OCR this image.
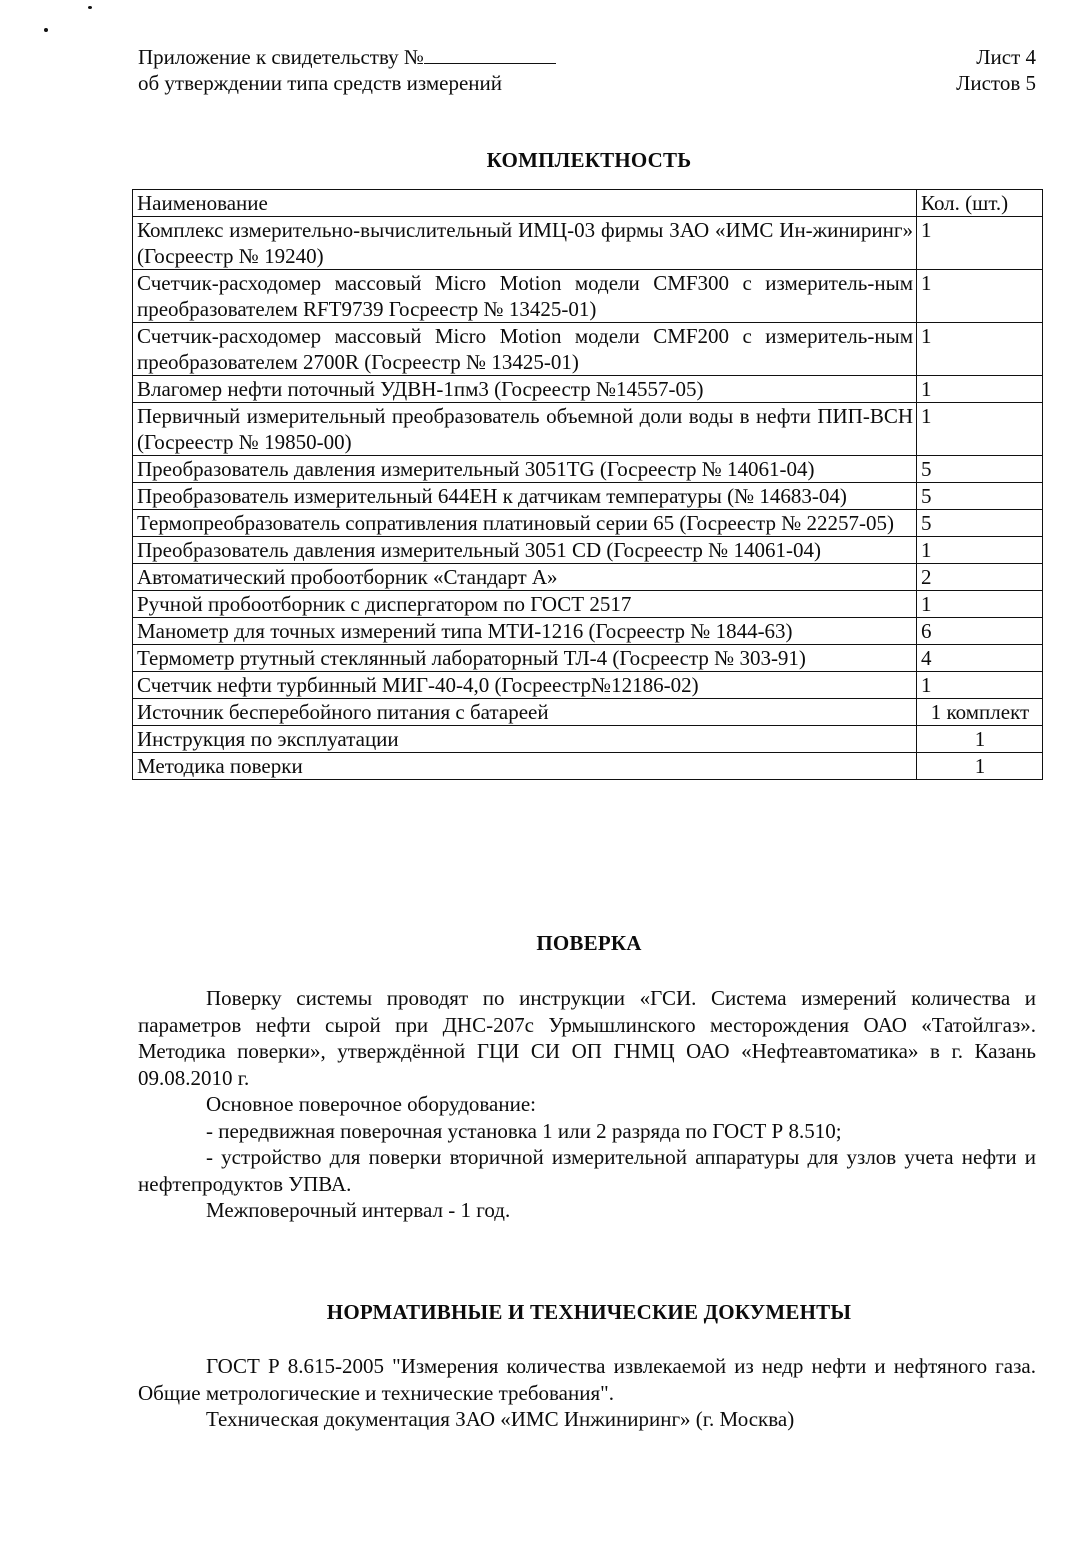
Приложение к свидетельству №
об утверждении типа средств измерений
Лист 4
Листов 5
КОМПЛЕКТНОСТЬ
Наименование	Кол. (шт.)
Комплекс измерительно-вычислительный ИМЦ-03 фирмы ЗАО «ИМС Ин-жиниринг» (Госреестр № 19240)	1
Счетчик-расходомер массовый Micro Motion модели CMF300 с измеритель-ным преобразователем RFT9739 Госреестр № 13425-01)	1
Счетчик-расходомер массовый Micro Motion модели CMF200 с измеритель-ным преобразователем 2700R (Госреестр № 13425-01)	1
Влагомер нефти поточный УДВН-1пм3 (Госреестр №14557-05)	1
Первичный измерительный преобразователь объемной доли воды в нефти ПИП-ВСН (Госреестр № 19850-00)	1
Преобразователь давления измерительный 3051TG (Госреестр № 14061-04)	5
Преобразователь измерительный 644ЕН к датчикам температуры (№ 14683-04)	5
Термопреобразователь сопративления платиновый серии 65 (Госреестр № 22257-05)	5
Преобразователь давления измерительный 3051 CD (Госреестр № 14061-04)	1
Автоматический пробоотборник «Стандарт А»	2
Ручной пробоотборник с диспергатором по ГОСТ 2517	1
Манометр для точных измерений типа МТИ-1216 (Госреестр № 1844-63)	6
Термометр ртутный стеклянный лабораторный ТЛ-4 (Госреестр № 303-91)	4
Счетчик нефти турбинный МИГ-40-4,0 (Госреестр№12186-02)	1
Источник бесперебойного питания с батареей	1 комплект
Инструкция по эксплуатации	1
Методика поверки	1
ПОВЕРКА

Поверку системы проводят по инструкции «ГСИ. Система измерений количества и параметров нефти сырой при ДНС-207с Урмышлинского месторождения ОАО «Татойлгаз». Методика поверки», утверждённой ГЦИ СИ ОП ГНМЦ ОАО «Нефтеавтоматика» в г. Казань 09.08.2010 г.

Основное поверочное оборудование:

- передвижная поверочная установка 1 или 2 разряда по ГОСТ Р 8.510;

- устройство для поверки вторичной измерительной аппаратуры для узлов учета нефти и нефтепродуктов УПВА.

Межповерочный интервал - 1 год.

НОРМАТИВНЫЕ И ТЕХНИЧЕСКИЕ ДОКУМЕНТЫ

ГОСТ Р 8.615-2005 "Измерения количества извлекаемой из недр нефти и нефтяного газа. Общие метрологические и технические требования".

Техническая документация ЗАО «ИМС Инжиниринг» (г. Москва)
